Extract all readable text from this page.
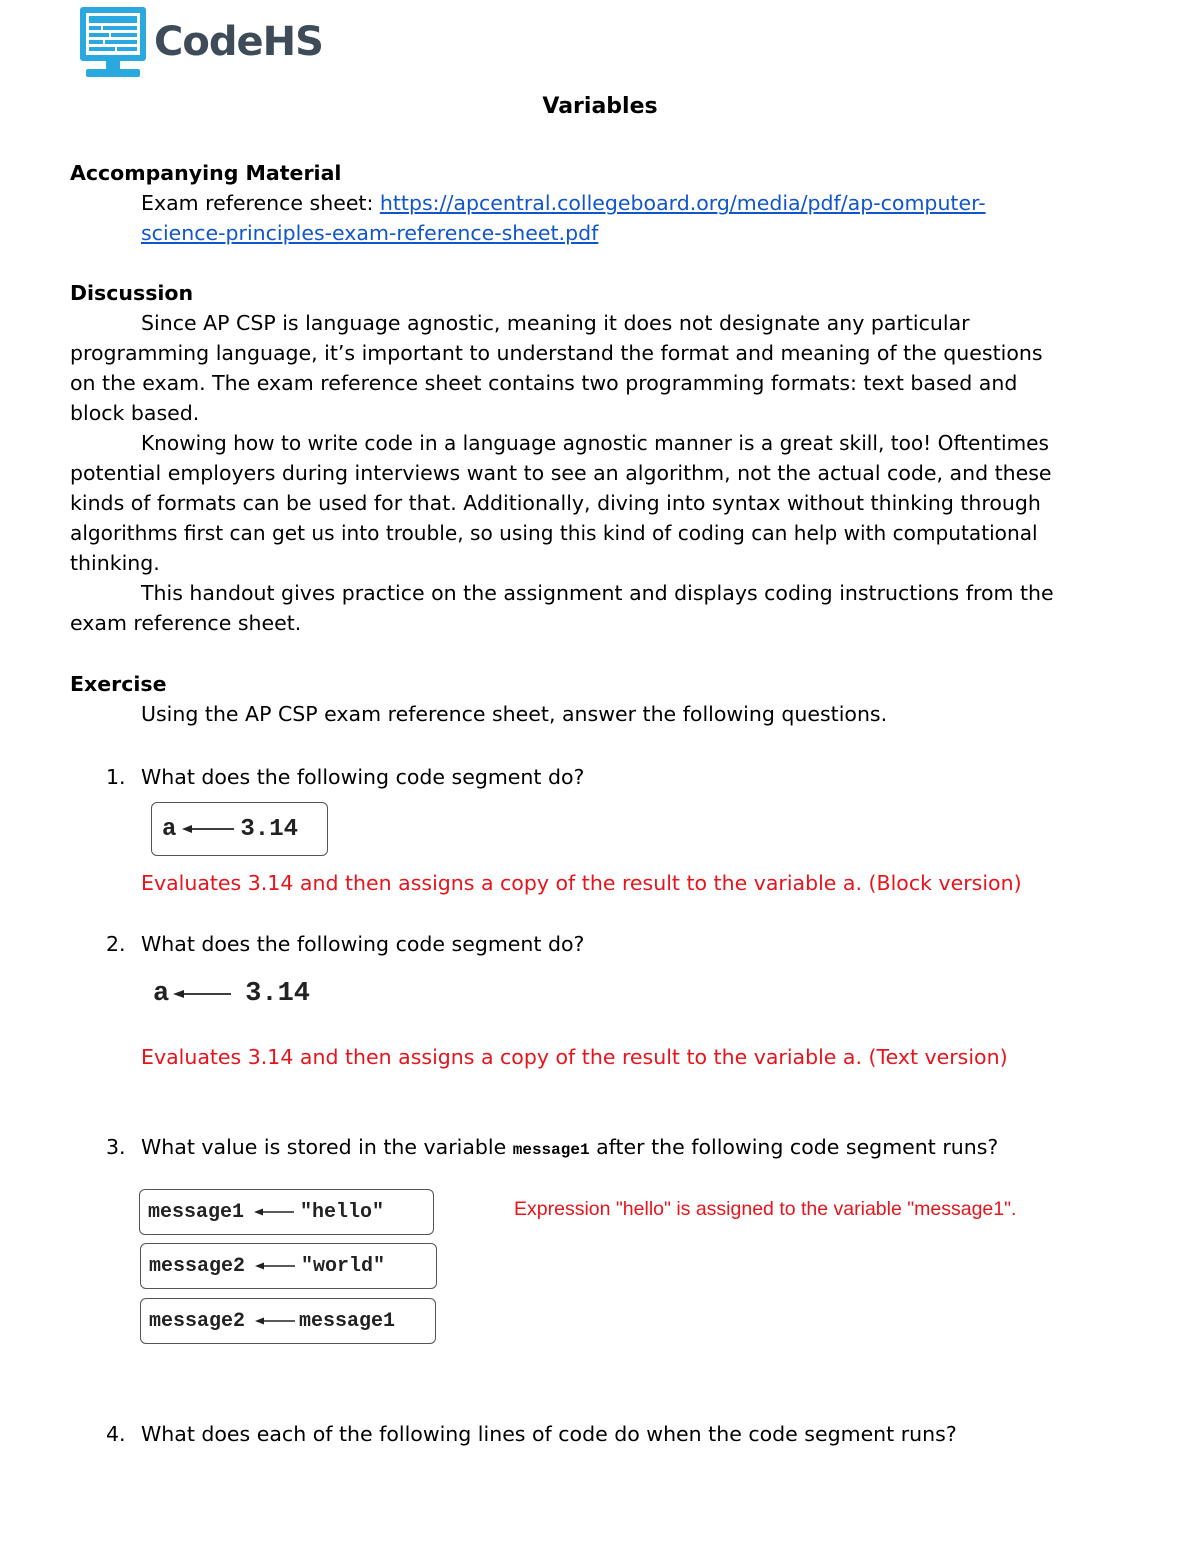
CodeHS
Variables
Accompanying Material
Exam reference sheet: https://apcentral.collegeboard.org/media/pdf/ap-computer-
science-principles-exam-reference-sheet.pdf
Discussion
Since AP CSP is language agnostic, meaning it does not designate any particular
programming language, it’s important to understand the format and meaning of the questions
on the exam. The exam reference sheet contains two programming formats: text based and
block based.
Knowing how to write code in a language agnostic manner is a great skill, too! Oftentimes
potential employers during interviews want to see an algorithm, not the actual code, and these
kinds of formats can be used for that. Additionally, diving into syntax without thinking through
algorithms first can get us into trouble, so using this kind of coding can help with computational
thinking.
This handout gives practice on the assignment and displays coding instructions from the
exam reference sheet.
Exercise
Using the AP CSP exam reference sheet, answer the following questions.
1. What does the following code segment do?
a	3.14
Evaluates 3.14 and then assigns a copy of the result to the variable a. (Block version)
2. What does the following code segment do?
a	3.14
Evaluates 3.14 and then assigns a copy of the result to the variable a. (Text version)
3. What value is stored in the variable message1 after the following code segment runs?
message1	"hello"
message2	"world"
message2	message1
Expression "hello" is assigned to the variable "message1".
4. What does each of the following lines of code do when the code segment runs?
